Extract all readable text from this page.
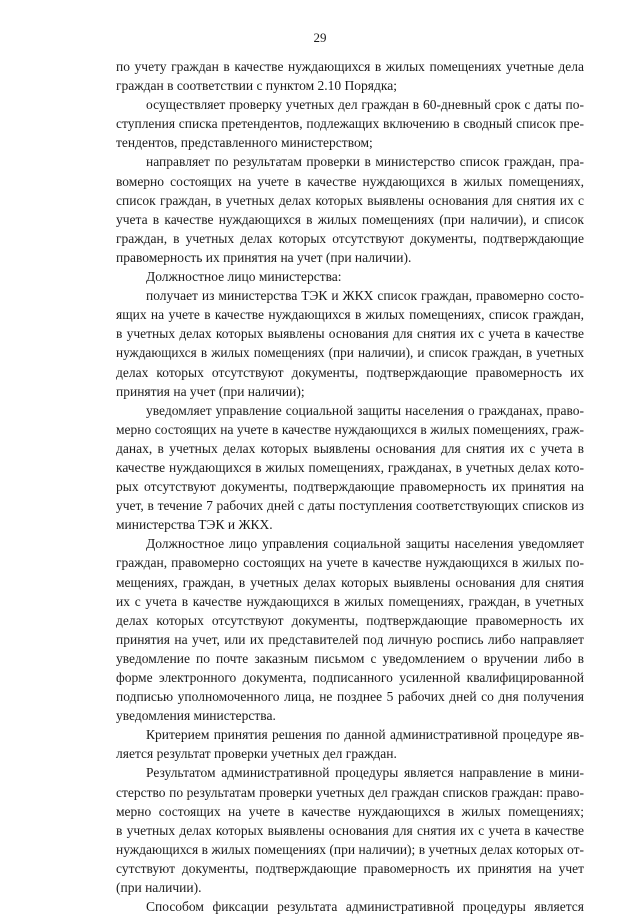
29
по учету граждан в качестве нуждающихся в жилых помещениях учетные дела
граждан в соответствии с пунктом 2.10 Порядка;
осуществляет проверку учетных дел граждан в 60-дневный срок с даты по-
ступления списка претендентов, подлежащих включению в сводный список пре-
тендентов, представленного министерством;
направляет по результатам проверки в министерство список граждан, пра-
вомерно состоящих на учете в качестве нуждающихся в жилых помещениях,
список граждан, в учетных делах которых выявлены основания для снятия их с
учета в качестве нуждающихся в жилых помещениях (при наличии), и список
граждан, в учетных делах которых отсутствуют документы, подтверждающие
правомерность их принятия на учет (при наличии).
Должностное лицо министерства:
получает из министерства ТЭК и ЖКХ список граждан, правомерно состо-
ящих на учете в качестве нуждающихся в жилых помещениях, список граждан,
в учетных делах которых выявлены основания для снятия их с учета в качестве
нуждающихся в жилых помещениях (при наличии), и список граждан, в учетных
делах которых отсутствуют документы, подтверждающие правомерность их
принятия на учет (при наличии);
уведомляет управление социальной защиты населения о гражданах, право-
мерно состоящих на учете в качестве нуждающихся в жилых помещениях, граж-
данах, в учетных делах которых выявлены основания для снятия их с учета в
качестве нуждающихся в жилых помещениях, гражданах, в учетных делах кото-
рых отсутствуют документы, подтверждающие правомерность их принятия на
учет, в течение 7 рабочих дней с даты поступления соответствующих списков из
министерства ТЭК и ЖКХ.
Должностное лицо управления социальной защиты населения уведомляет
граждан, правомерно состоящих на учете в качестве нуждающихся в жилых по-
мещениях, граждан, в учетных делах которых выявлены основания для снятия
их с учета в качестве нуждающихся в жилых помещениях, граждан, в учетных
делах которых отсутствуют документы, подтверждающие правомерность их
принятия на учет, или их представителей под личную роспись либо направляет
уведомление по почте заказным письмом с уведомлением о вручении либо в
форме электронного документа, подписанного усиленной квалифицированной
подписью уполномоченного лица, не позднее 5 рабочих дней со дня получения
уведомления министерства.
Критерием принятия решения по данной административной процедуре яв-
ляется результат проверки учетных дел граждан.
Результатом административной процедуры является направление в мини-
стерство по результатам проверки учетных дел граждан списков граждан: право-
мерно состоящих на учете в качестве нуждающихся в жилых помещениях;
в учетных делах которых выявлены основания для снятия их с учета в качестве
нуждающихся в жилых помещениях (при наличии); в учетных делах которых от-
сутствуют документы, подтверждающие правомерность их принятия на учет
(при наличии).
Способом фиксации результата административной процедуры является
